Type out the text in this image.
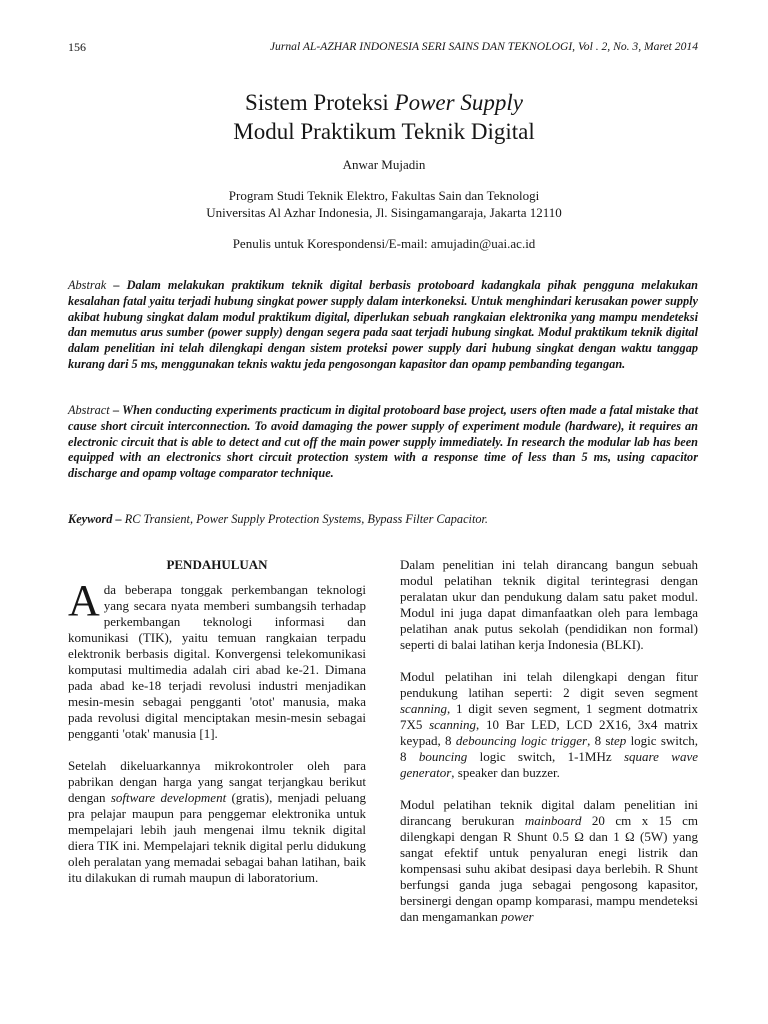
156	Jurnal AL-AZHAR INDONESIA SERI SAINS DAN TEKNOLOGI, Vol . 2, No. 3, Maret 2014
Sistem Proteksi Power Supply
Modul Praktikum Teknik Digital
Anwar Mujadin
Program Studi Teknik Elektro, Fakultas Sain dan Teknologi
Universitas Al Azhar Indonesia, Jl. Sisingamangaraja, Jakarta 12110
Penulis untuk Korespondensi/E-mail: amujadin@uai.ac.id
Abstrak – Dalam melakukan praktikum teknik digital berbasis protoboard kadangkala pihak pengguna melakukan kesalahan fatal yaitu terjadi hubung singkat power supply dalam interkoneksi. Untuk menghindari kerusakan power supply akibat hubung singkat dalam modul praktikum digital, diperlukan sebuah rangkaian elektronika yang mampu mendeteksi dan memutus arus sumber (power supply) dengan segera pada saat terjadi hubung singkat. Modul praktikum teknik digital dalam penelitian ini telah dilengkapi dengan sistem proteksi power supply dari hubung singkat dengan waktu tanggap kurang dari 5 ms, menggunakan teknis waktu jeda pengosongan kapasitor dan opamp pembanding tegangan.
Abstract – When conducting experiments practicum in digital protoboard base project, users often made a fatal mistake that cause short circuit interconnection. To avoid damaging the power supply of experiment module (hardware), it requires an electronic circuit that is able to detect and cut off the main power supply immediately. In research the modular lab has been equipped with an electronics short circuit protection system with a response time of less than 5 ms, using capacitor discharge and opamp voltage comparator technique.
Keyword – RC Transient, Power Supply Protection Systems, Bypass Filter Capacitor.
PENDAHULUAN

Ada beberapa tonggak perkembangan teknologi yang secara nyata memberi sumbangsih terhadap perkembangan teknologi informasi dan komunikasi (TIK), yaitu temuan rangkaian terpadu elektronik berbasis digital. Konvergensi telekomunikasi komputasi multimedia adalah ciri abad ke-21. Dimana pada abad ke-18 terjadi revolusi industri menjadikan mesin-mesin sebagai pengganti 'otot' manusia, maka pada revolusi digital menciptakan mesin-mesin sebagai pengganti 'otak' manusia [1].

Setelah dikeluarkannya mikrokontroler oleh para pabrikan dengan harga yang sangat terjangkau berikut dengan software development (gratis), menjadi peluang pra pelajar maupun para penggemar elektronika untuk mempelajari lebih jauh mengenai ilmu teknik digital diera TIK ini. Mempelajari teknik digital perlu didukung oleh peralatan yang memadai sebagai bahan latihan, baik itu dilakukan di rumah maupun di laboratorium.

Dalam penelitian ini telah dirancang bangun sebuah modul pelatihan teknik digital terintegrasi dengan peralatan ukur dan pendukung dalam satu paket modul. Modul ini juga dapat dimanfaatkan oleh para lembaga pelatihan anak putus sekolah (pendidikan non formal) seperti di balai latihan kerja Indonesia (BLKI).

Modul pelatihan ini telah dilengkapi dengan fitur pendukung latihan seperti: 2 digit seven segment scanning, 1 digit seven segment, 1 segment dotmatrix 7X5 scanning, 10 Bar LED, LCD 2X16, 3x4 matrix keypad, 8 debouncing logic trigger, 8 step logic switch, 8 bouncing logic switch, 1-1MHz square wave generator, speaker dan buzzer.

Modul pelatihan teknik digital dalam penelitian ini dirancang berukuran mainboard 20 cm x 15 cm dilengkapi dengan R Shunt 0.5 Ω dan 1 Ω (5W) yang sangat efektif untuk penyaluran enegi listrik dan kompensasi suhu akibat desipasi daya berlebih. R Shunt berfungsi ganda juga sebagai pengosong kapasitor, bersinergi dengan opamp komparasi, mampu mendeteksi dan mengamankan power
